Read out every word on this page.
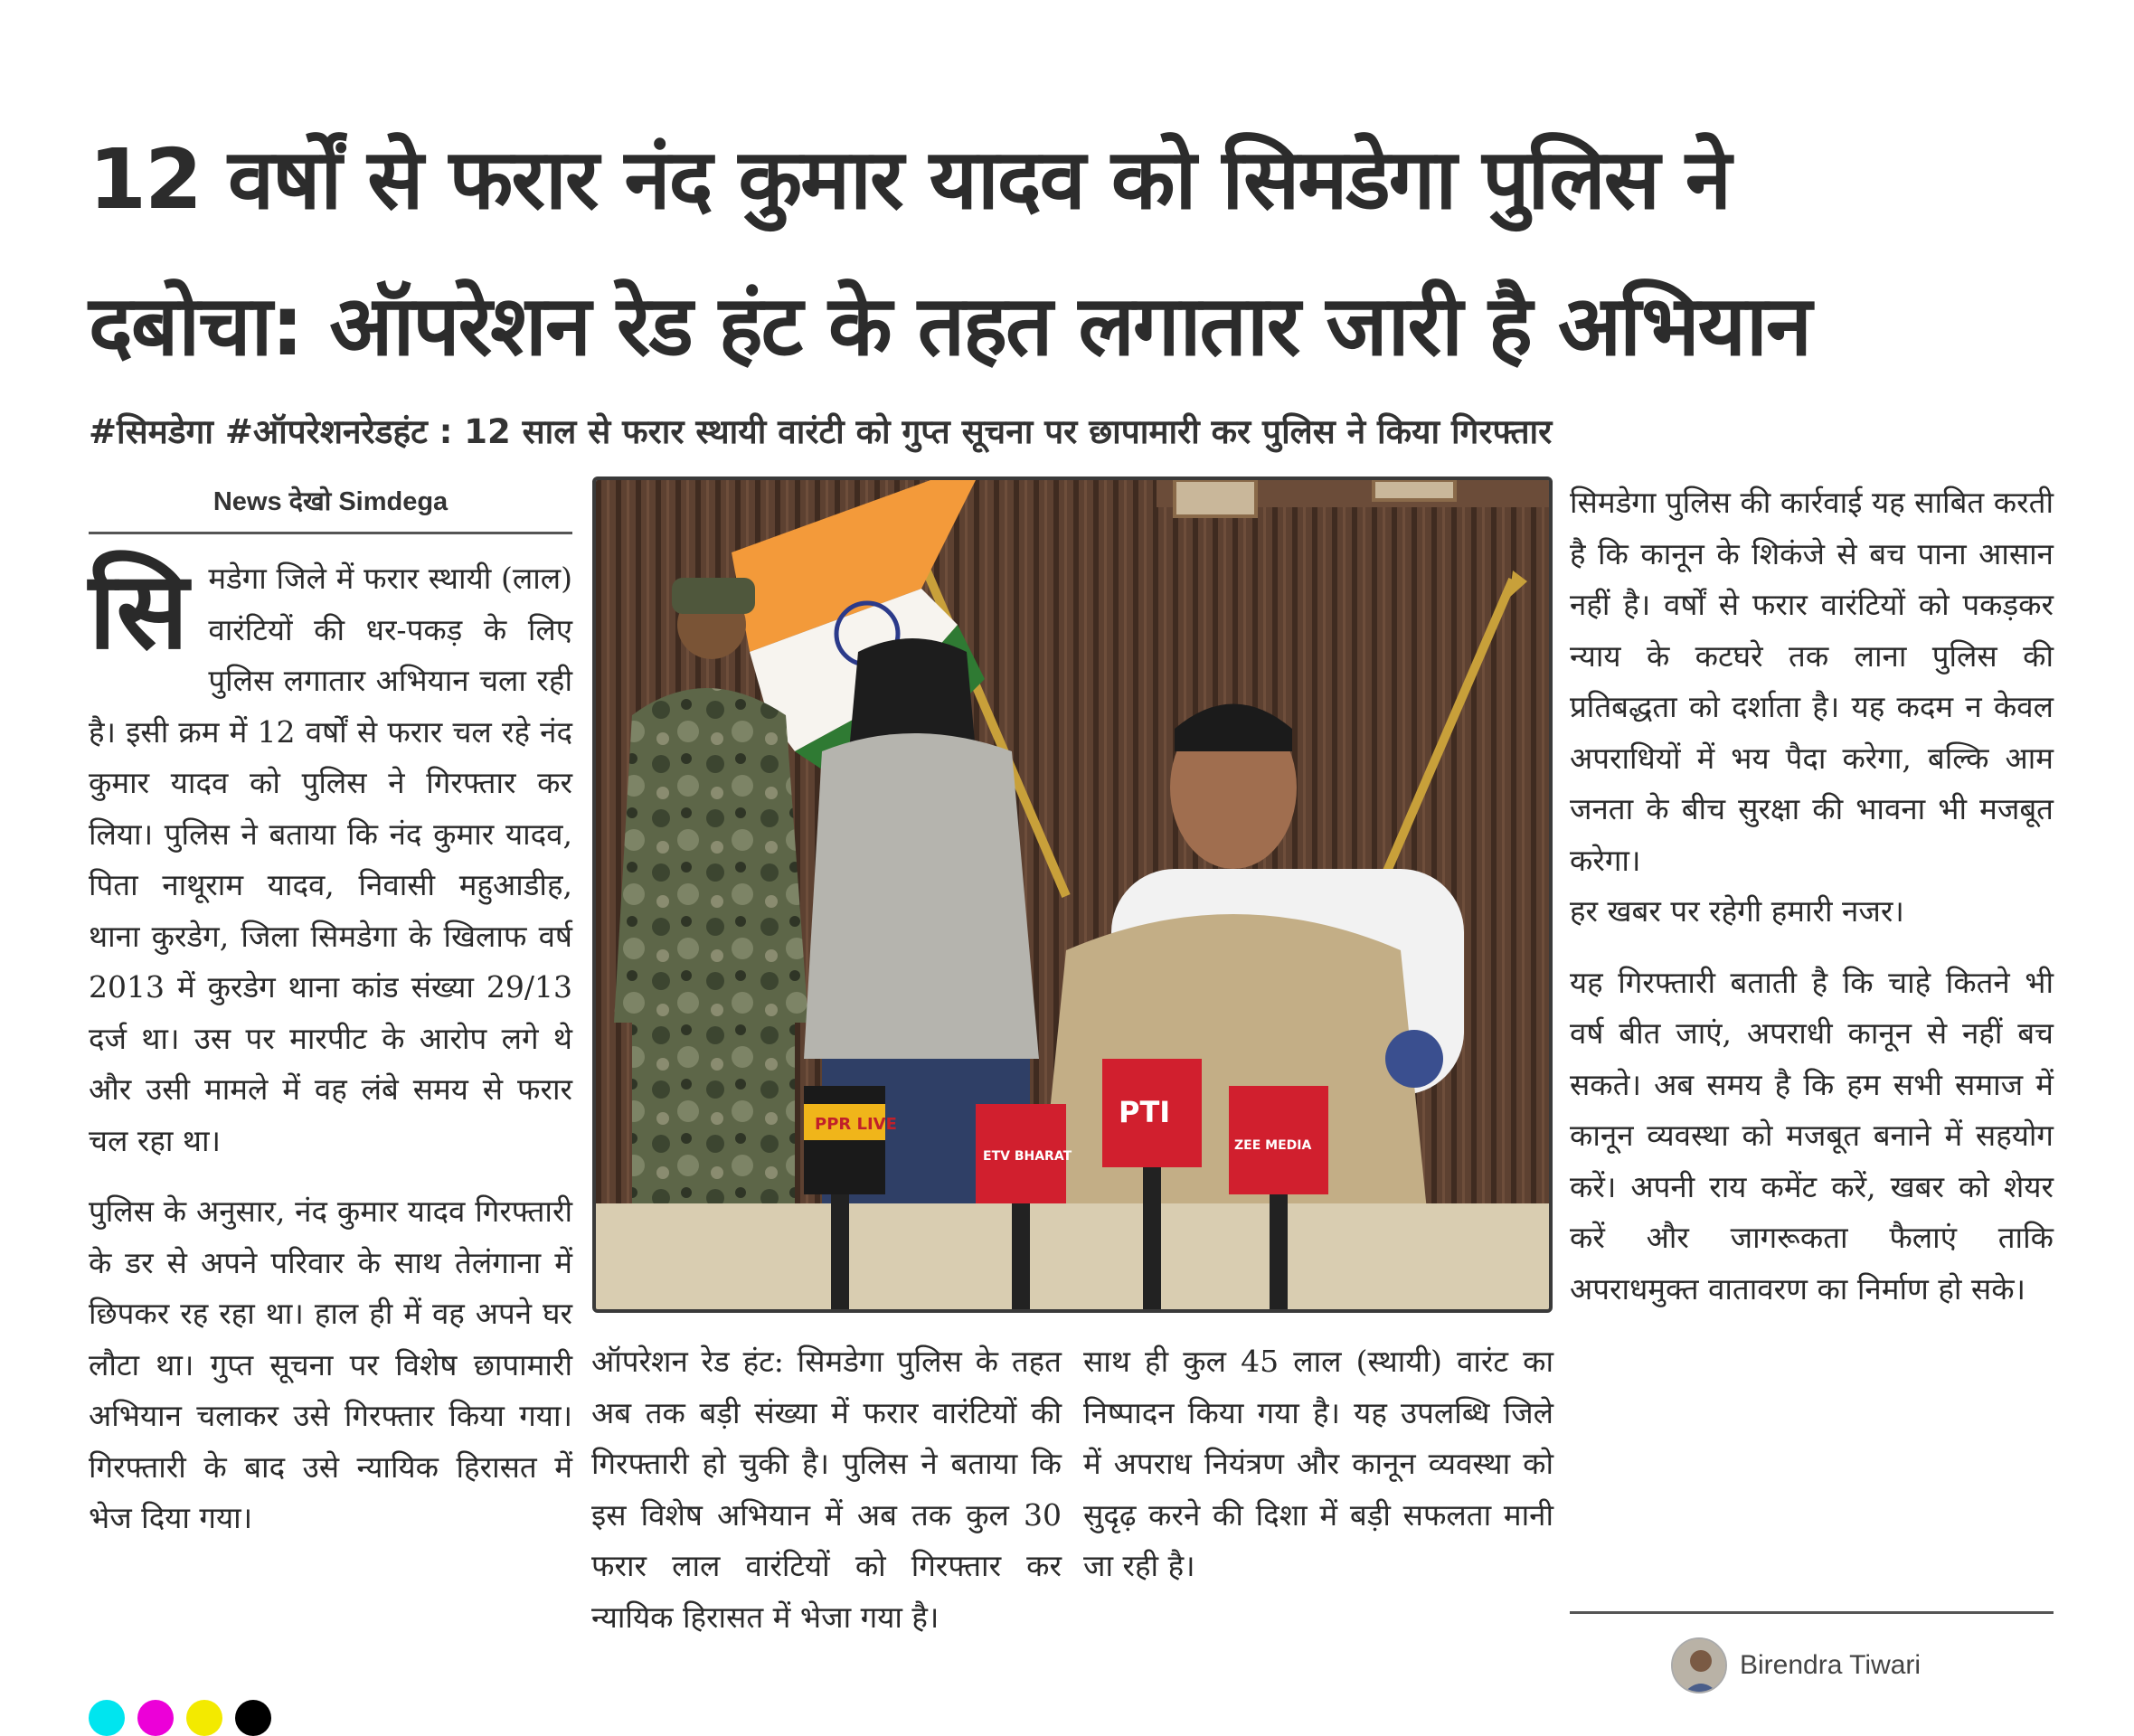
12 वर्षों से फरार नंद कुमार यादव को सिमडेगा पुलिस ने
दबोचा: ऑपरेशन रेड हंट के तहत लगातार जारी है अभियान
#सिमडेगा #ऑपरेशनरेडहंट : 12 साल से फरार स्थायी वारंटी को गुप्त सूचना पर छापामारी कर पुलिस ने किया गिरफ्तार
News देखो Simdega

सिमडेगा जिले में फरार स्थायी (लाल) वारंटियों की धर-पकड़ के लिए पुलिस लगातार अभियान चला रही है। इसी क्रम में 12 वर्षों से फरार चल रहे नंद कुमार यादव को पुलिस ने गिरफ्तार कर लिया। पुलिस ने बताया कि नंद कुमार यादव, पिता नाथूराम यादव, निवासी महुआडीह, थाना कुरडेग, जिला सिमडेगा के खिलाफ वर्ष 2013 में कुरडेग थाना कांड संख्या 29/13 दर्ज था। उस पर मारपीट के आरोप लगे थे और उसी मामले में वह लंबे समय से फरार चल रहा था।

पुलिस के अनुसार, नंद कुमार यादव गिरफ्तारी के डर से अपने परिवार के साथ तेलंगाना में छिपकर रह रहा था। हाल ही में वह अपने घर लौटा था। गुप्त सूचना पर विशेष छापामारी अभियान चलाकर उसे गिरफ्तार किया गया। गिरफ्तारी के बाद उसे न्यायिक हिरासत में भेज दिया गया।

PPR LIVE
ETV BHARAT
PTI
ZEE MEDIA

ऑपरेशन रेड हंट: सिमडेगा पुलिस के तहत अब तक बड़ी संख्या में फरार वारंटियों की गिरफ्तारी हो चुकी है। पुलिस ने बताया कि इस विशेष अभियान में अब तक कुल 30 फरार लाल वारंटियों को गिरफ्तार कर न्यायिक हिरासत में भेजा गया है।

साथ ही कुल 45 लाल (स्थायी) वारंट का निष्पादन किया गया है। यह उपलब्धि जिले में अपराध नियंत्रण और कानून व्यवस्था को सुदृढ़ करने की दिशा में बड़ी सफलता मानी जा रही है।

सिमडेगा पुलिस की कार्रवाई यह साबित करती है कि कानून के शिकंजे से बच पाना आसान नहीं है। वर्षों से फरार वारंटियों को पकड़कर न्याय के कटघरे तक लाना पुलिस की प्रतिबद्धता को दर्शाता है। यह कदम न केवल अपराधियों में भय पैदा करेगा, बल्कि आम जनता के बीच सुरक्षा की भावना भी मजबूत करेगा।

हर खबर पर रहेगी हमारी नजर।

यह गिरफ्तारी बताती है कि चाहे कितने भी वर्ष बीत जाएं, अपराधी कानून से नहीं बच सकते। अब समय है कि हम सभी समाज में कानून व्यवस्था को मजबूत बनाने में सहयोग करें। अपनी राय कमेंट करें, खबर को शेयर करें और जागरूकता फैलाएं ताकि अपराधमुक्त वातावरण का निर्माण हो सके।

Birendra Tiwari
